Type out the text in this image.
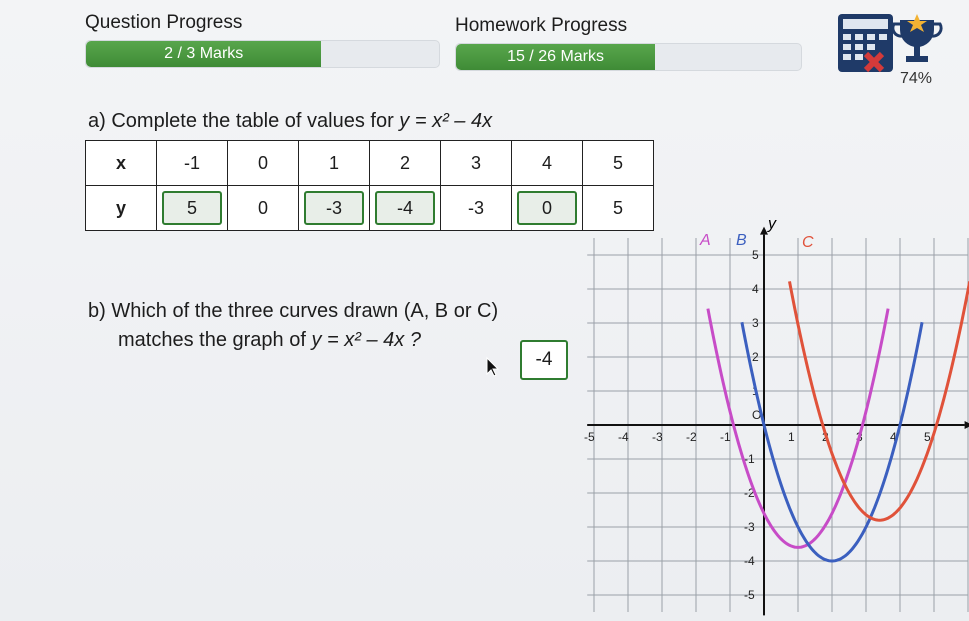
Question Progress	Homework Progress
2 / 3 Marks	15 / 26 Marks
74%
a) Complete the table of values for y = x² – 4x
x	-1	0	1	2	3	4	5
y	5	0	-3	-4	-3	0	5
b) Which of the three curves drawn (A, B or C)
matches the graph of y = x² – 4x ?
-4
A B	C
-5 -4 -3 -2 -1
O
1 2 3 4 5
5
4
3
2
1
-1
-2
-3
-4
-5
y
